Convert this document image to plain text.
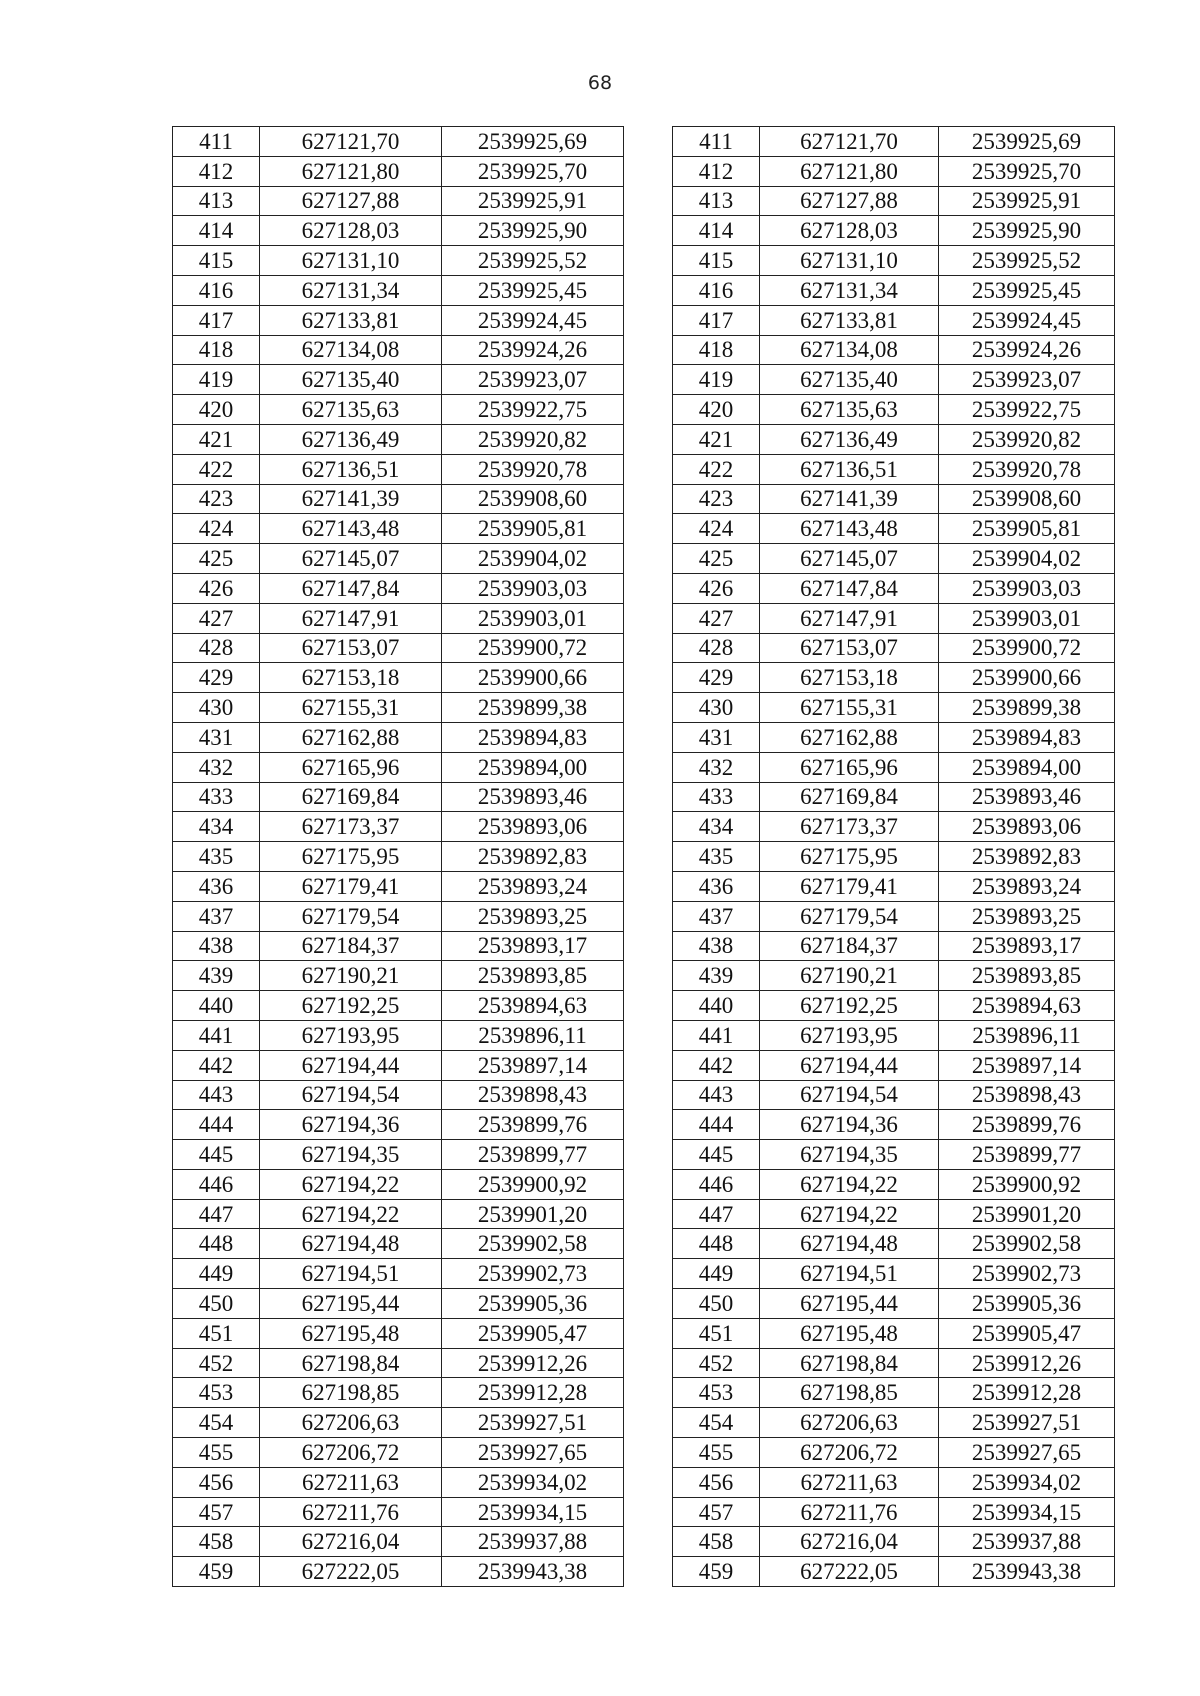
68
411	627121,70	2539925,69		411	627121,70	2539925,69
412	627121,80	2539925,70		412	627121,80	2539925,70
413	627127,88	2539925,91		413	627127,88	2539925,91
414	627128,03	2539925,90		414	627128,03	2539925,90
415	627131,10	2539925,52		415	627131,10	2539925,52
416	627131,34	2539925,45		416	627131,34	2539925,45
417	627133,81	2539924,45		417	627133,81	2539924,45
418	627134,08	2539924,26		418	627134,08	2539924,26
419	627135,40	2539923,07		419	627135,40	2539923,07
420	627135,63	2539922,75		420	627135,63	2539922,75
421	627136,49	2539920,82		421	627136,49	2539920,82
422	627136,51	2539920,78		422	627136,51	2539920,78
423	627141,39	2539908,60		423	627141,39	2539908,60
424	627143,48	2539905,81		424	627143,48	2539905,81
425	627145,07	2539904,02		425	627145,07	2539904,02
426	627147,84	2539903,03		426	627147,84	2539903,03
427	627147,91	2539903,01		427	627147,91	2539903,01
428	627153,07	2539900,72		428	627153,07	2539900,72
429	627153,18	2539900,66		429	627153,18	2539900,66
430	627155,31	2539899,38		430	627155,31	2539899,38
431	627162,88	2539894,83		431	627162,88	2539894,83
432	627165,96	2539894,00		432	627165,96	2539894,00
433	627169,84	2539893,46		433	627169,84	2539893,46
434	627173,37	2539893,06		434	627173,37	2539893,06
435	627175,95	2539892,83		435	627175,95	2539892,83
436	627179,41	2539893,24		436	627179,41	2539893,24
437	627179,54	2539893,25		437	627179,54	2539893,25
438	627184,37	2539893,17		438	627184,37	2539893,17
439	627190,21	2539893,85		439	627190,21	2539893,85
440	627192,25	2539894,63		440	627192,25	2539894,63
441	627193,95	2539896,11		441	627193,95	2539896,11
442	627194,44	2539897,14		442	627194,44	2539897,14
443	627194,54	2539898,43		443	627194,54	2539898,43
444	627194,36	2539899,76		444	627194,36	2539899,76
445	627194,35	2539899,77		445	627194,35	2539899,77
446	627194,22	2539900,92		446	627194,22	2539900,92
447	627194,22	2539901,20		447	627194,22	2539901,20
448	627194,48	2539902,58		448	627194,48	2539902,58
449	627194,51	2539902,73		449	627194,51	2539902,73
450	627195,44	2539905,36		450	627195,44	2539905,36
451	627195,48	2539905,47		451	627195,48	2539905,47
452	627198,84	2539912,26		452	627198,84	2539912,26
453	627198,85	2539912,28		453	627198,85	2539912,28
454	627206,63	2539927,51		454	627206,63	2539927,51
455	627206,72	2539927,65		455	627206,72	2539927,65
456	627211,63	2539934,02		456	627211,63	2539934,02
457	627211,76	2539934,15		457	627211,76	2539934,15
458	627216,04	2539937,88		458	627216,04	2539937,88
459	627222,05	2539943,38		459	627222,05	2539943,38
